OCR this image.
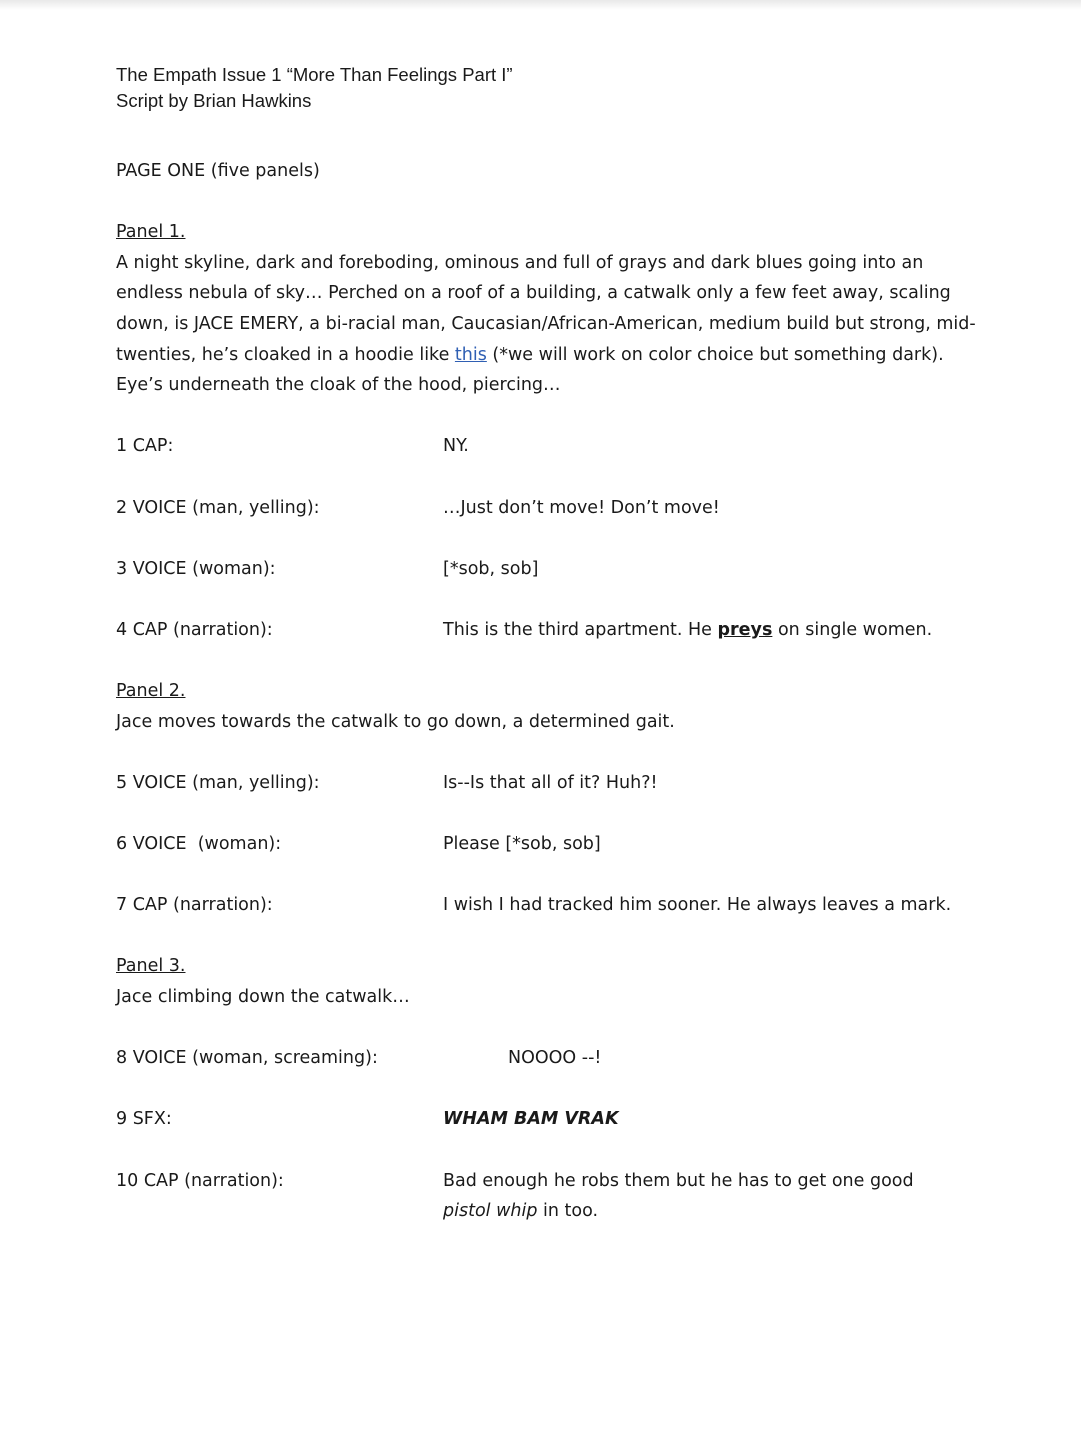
The Empath Issue 1 “More Than Feelings Part I”

Script by Brian Hawkins

PAGE ONE (five panels)
Panel 1.

A night skyline, dark and foreboding, ominous and full of grays and dark blues going into an endless nebula of sky… Perched on a roof of a building, a catwalk only a few feet away, scaling down, is JACE EMERY, a bi-racial man, Caucasian/African-American, medium build but strong, mid-twenties, he’s cloaked in a hoodie like this (*we will work on color choice but something dark). Eye’s underneath the cloak of the hood, piercing…

1 CAP:	NY.
2 VOICE (man, yelling):	…Just don’t move! Don’t move!
3 VOICE (woman):	[*sob, sob]
4 CAP (narration):	This is the third apartment. He preys on single women.
Panel 2.

Jace moves towards the catwalk to go down, a determined gait.

5 VOICE (man, yelling):	Is--Is that all of it? Huh?!
6 VOICE  (woman):	Please [*sob, sob]
7 CAP (narration):	I wish I had tracked him sooner. He always leaves a mark.
Panel 3.

Jace climbing down the catwalk…

8 VOICE (woman, screaming):	NOOOO --!
9 SFX:	WHAM BAM VRAK
10 CAP (narration):	Bad enough he robs them but he has to get one good pistol whip in too.
